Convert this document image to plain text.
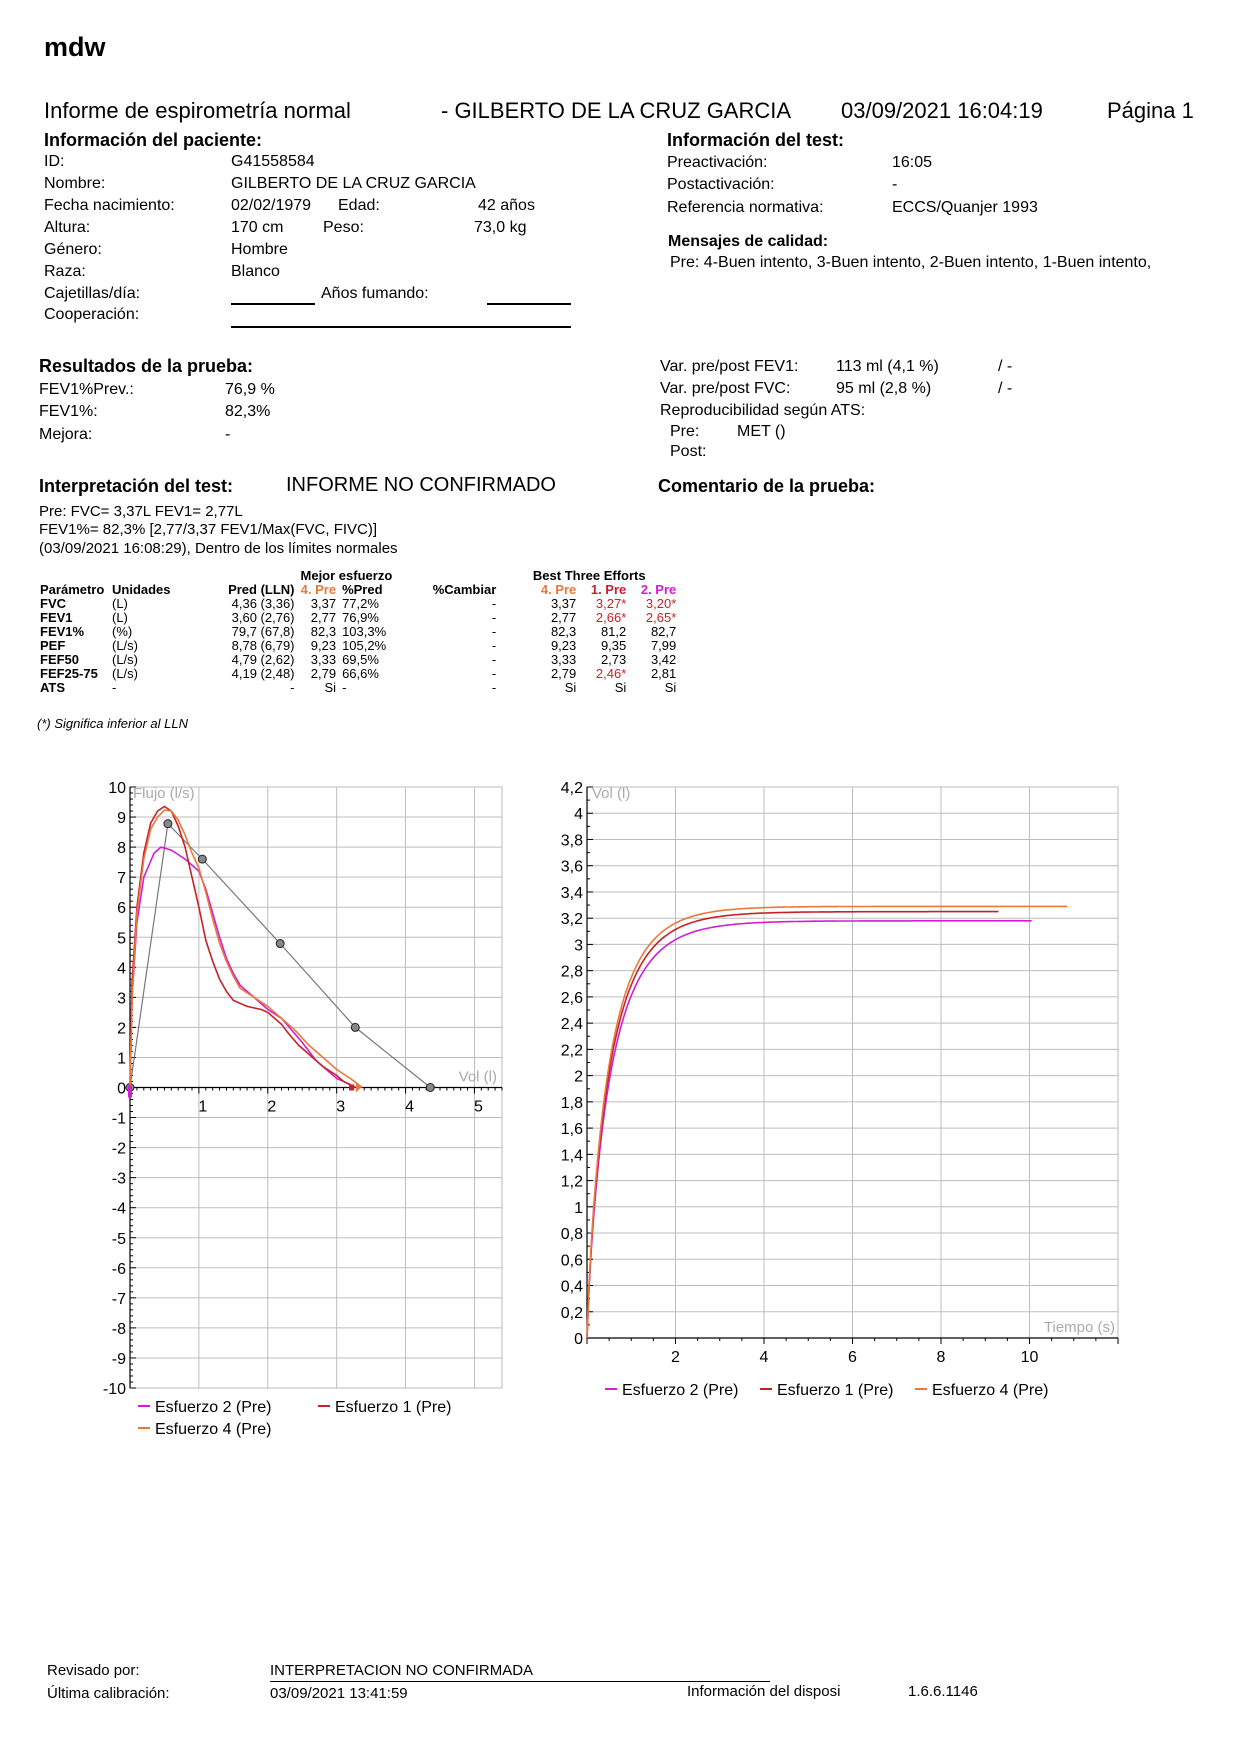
mdw
Informe de espirometría normal	- GILBERTO DE LA CRUZ GARCIA 03/09/2021 16:04:19	Página 1
Información del paciente:
ID:	G41558584
Nombre:	GILBERTO DE LA CRUZ GARCIA
Fecha nacimiento:	02/02/1979 Edad:	42 años
Altura:	170 cm Peso:	73,0 kg
Género:	Hombre
Raza:	Blanco
Cajetillas/día:	Años fumando:
Cooperación:
Información del test:
Preactivación:	16:05
Postactivación:	-
Referencia normativa:	ECCS/Quanjer 1993
Mensajes de calidad:
Pre: 4-Buen intento, 3-Buen intento, 2-Buen intento, 1-Buen intento,
Resultados de la prueba:
FEV1%Prev.:	76,9 %
FEV1%:	82,3%
Mejora:	-
Var. pre/post FEV1: 113 ml (4,1 %)	/ -
Var. pre/post FVC:	95 ml (2,8 %)	/ -
Reproducibilidad según ATS:
Pre: MET ()
Post:
Interpretación del test:	INFORME NO CONFIRMADO	Comentario de la prueba:
Pre: FVC= 3,37L FEV1= 2,77L
FEV1%= 82,3% [2,77/3,37 FEV1/Max(FVC, FIVC)]
(03/09/2021 16:08:29), Dentro de los límites normales
			Mejor esfuerzo			Best Three Efforts		
Parámetro	Unidades	Pred (LLN)	4. Pre	%Pred	%Cambiar	4. Pre	1. Pre	2. Pre
FVC	(L)	4,36 (3,36)	3,37	77,2%	-	3,37	3,27*	3,20*
FEV1	(L)	3,60 (2,76)	2,77	76,9%	-	2,77	2,66*	2,65*
FEV1%	(%)	79,7 (67,8)	82,3	103,3%	-	82,3	81,2	82,7
PEF	(L/s)	8,78 (6,79)	9,23	105,2%	-	9,23	9,35	7,99
FEF50	(L/s)	4,79 (2,62)	3,33	69,5%	-	3,33	2,73	3,42
FEF25-75	(L/s)	4,19 (2,48)	2,79	66,6%	-	2,79	2,46*	2,81
ATS	-	-	Si	-	-	Si	Si	Si
(*) Significa inferior al LLN
10
9
8
7
6
5
4
3
2
1
0
-1
-2
-3
-4
-5
-6
-7
-8
-9
-10
1	2	3	4	5
Flujo (l/s)
Vol (l)
Esfuerzo 2 (Pre)	Esfuerzo 1 (Pre)
Esfuerzo 4 (Pre)
4,2
4
3,8
3,6
3,4
3,2
3
2,8
2,6
2,4
2,2
2
1,8
1,6
1,4
1,2
1
0,8
0,6
0,4
0,2
0
2	4	6	8	10
Vol (l)
Tiempo (s)
Esfuerzo 2 (Pre) Esfuerzo 1 (Pre) Esfuerzo 4 (Pre)
Revisado por:	INTERPRETACION NO CONFIRMADA
Última calibración:	03/09/2021 13:41:59	Información del disposi	1.6.6.1146
